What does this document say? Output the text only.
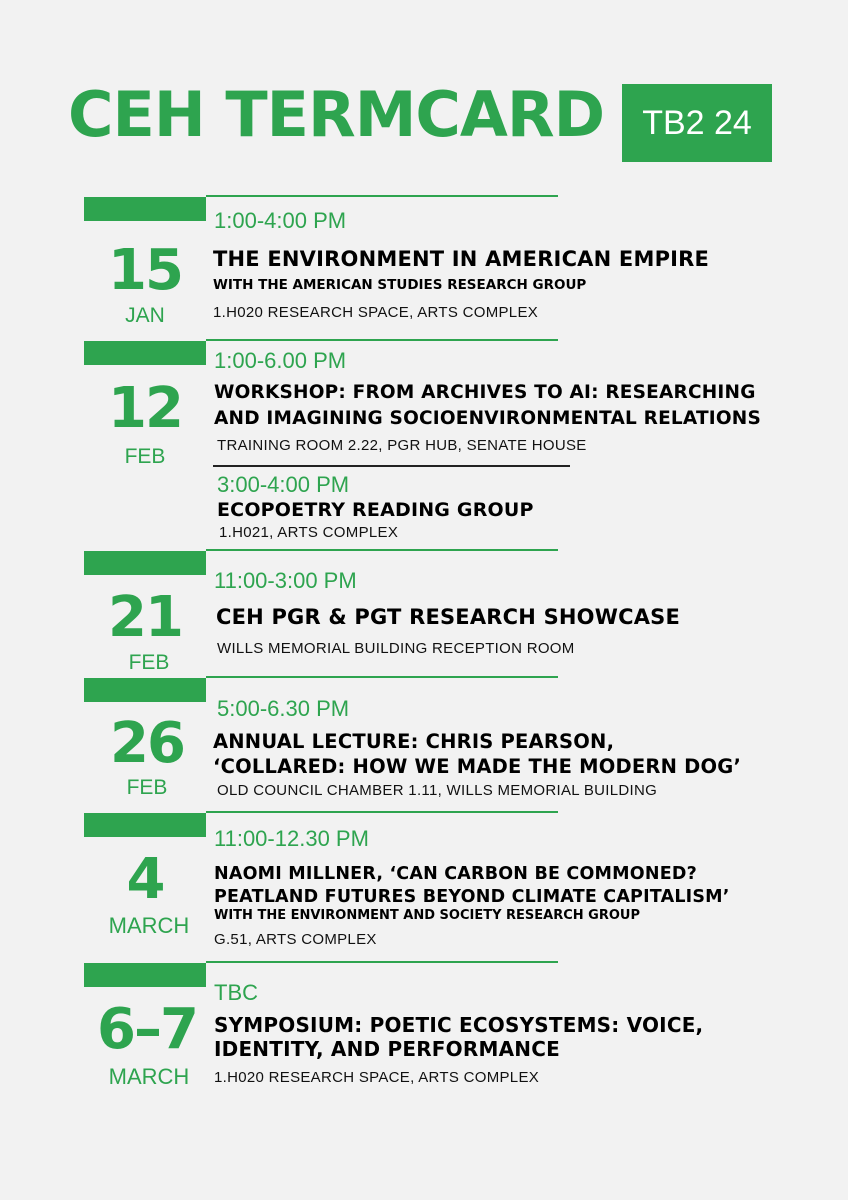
CEH TERMCARD	TB2 24
15
JAN
1:00-4:00 PM
THE ENVIRONMENT IN AMERICAN EMPIRE
WITH THE AMERICAN STUDIES RESEARCH GROUP
1.H020 RESEARCH SPACE, ARTS COMPLEX
12
FEB
1:00-6.00 PM
WORKSHOP: FROM ARCHIVES TO AI: RESEARCHING
AND IMAGINING SOCIOENVIRONMENTAL RELATIONS
TRAINING ROOM 2.22, PGR HUB, SENATE HOUSE
3:00-4:00 PM
ECOPOETRY READING GROUP
1.H021, ARTS COMPLEX
21
FEB
11:00-3:00 PM
CEH PGR & PGT RESEARCH SHOWCASE
WILLS MEMORIAL BUILDING RECEPTION ROOM
26
FEB
5:00-6.30 PM
ANNUAL LECTURE: CHRIS PEARSON,
‘COLLARED: HOW WE MADE THE MODERN DOG’
OLD COUNCIL CHAMBER 1.11, WILLS MEMORIAL BUILDING
4
MARCH
11:00-12.30 PM
NAOMI MILLNER, ‘CAN CARBON BE COMMONED?
PEATLAND FUTURES BEYOND CLIMATE CAPITALISM’
WITH THE ENVIRONMENT AND SOCIETY RESEARCH GROUP
G.51, ARTS COMPLEX
6–7
MARCH
TBC
SYMPOSIUM: POETIC ECOSYSTEMS: VOICE,
IDENTITY, AND PERFORMANCE
1.H020 RESEARCH SPACE, ARTS COMPLEX
